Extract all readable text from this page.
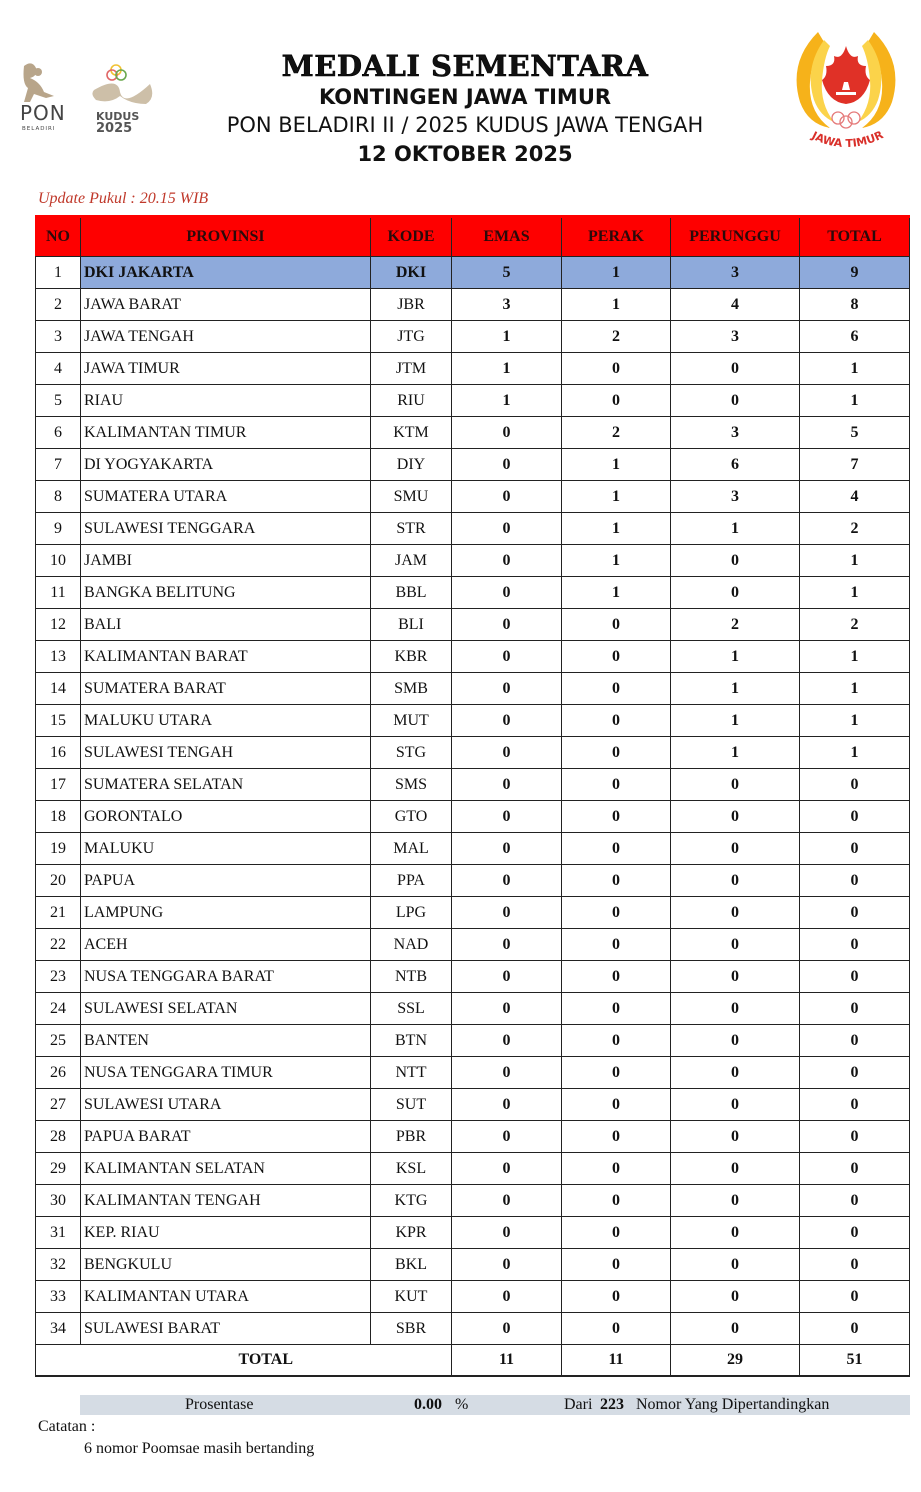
PON
BELADIRI
KUDUS
2025
MEDALI SEMENTARA
KONTINGEN JAWA TIMUR
PON BELADIRI II / 2025 KUDUS JAWA TENGAH
12 OKTOBER 2025
JAWA TIMUR
Update Pukul : 20.15 WIB
NO	PROVINSI	KODE	EMAS	PERAK	PERUNGGU	TOTAL
1	DKI JAKARTA	DKI	5	1	3	9
2	JAWA BARAT	JBR	3	1	4	8
3	JAWA TENGAH	JTG	1	2	3	6
4	JAWA TIMUR	JTM	1	0	0	1
5	RIAU	RIU	1	0	0	1
6	KALIMANTAN TIMUR	KTM	0	2	3	5
7	DI YOGYAKARTA	DIY	0	1	6	7
8	SUMATERA UTARA	SMU	0	1	3	4
9	SULAWESI TENGGARA	STR	0	1	1	2
10	JAMBI	JAM	0	1	0	1
11	BANGKA BELITUNG	BBL	0	1	0	1
12	BALI	BLI	0	0	2	2
13	KALIMANTAN BARAT	KBR	0	0	1	1
14	SUMATERA BARAT	SMB	0	0	1	1
15	MALUKU UTARA	MUT	0	0	1	1
16	SULAWESI TENGAH	STG	0	0	1	1
17	SUMATERA SELATAN	SMS	0	0	0	0
18	GORONTALO	GTO	0	0	0	0
19	MALUKU	MAL	0	0	0	0
20	PAPUA	PPA	0	0	0	0
21	LAMPUNG	LPG	0	0	0	0
22	ACEH	NAD	0	0	0	0
23	NUSA TENGGARA BARAT	NTB	0	0	0	0
24	SULAWESI SELATAN	SSL	0	0	0	0
25	BANTEN	BTN	0	0	0	0
26	NUSA TENGGARA TIMUR	NTT	0	0	0	0
27	SULAWESI UTARA	SUT	0	0	0	0
28	PAPUA BARAT	PBR	0	0	0	0
29	KALIMANTAN SELATAN	KSL	0	0	0	0
30	KALIMANTAN TENGAH	KTG	0	0	0	0
31	KEP. RIAU	KPR	0	0	0	0
32	BENGKULU	BKL	0	0	0	0
33	KALIMANTAN UTARA	KUT	0	0	0	0
34	SULAWESI BARAT	SBR	0	0	0	0
	TOTAL		11	11	29	51
Prosentase	0.00 %	Dari 223 Nomor Yang Dipertandingkan
Catatan :
6 nomor Poomsae masih bertanding
